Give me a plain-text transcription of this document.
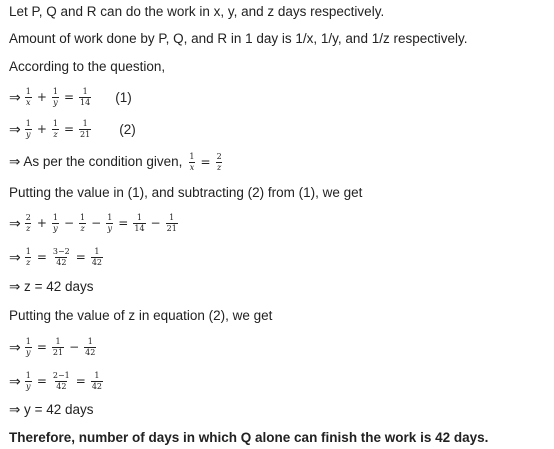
Let P, Q and R can do the work in x, y, and z days respectively.
Amount of work done by P, Q, and R in 1 day is 1/x, 1/y, and 1/z respectively.
According to the question,
⇒ $\frac{1}{x} + \frac{1}{y} = \frac{1}{14} (1)$
⇒ $\frac{1}{y} + \frac{1}{z} = \frac{1}{21} (2)$
⇒ As per the condition given, $\frac{1}{x} = \frac{2}{z}$
Putting the value in (1), and subtracting (2) from (1), we get
⇒ $\frac{2}{z} + \frac{1}{y} - \frac{1}{z} - \frac{1}{y} = \frac{1}{14} - \frac{1}{21}$
⇒ $\frac{1}{z} = \frac{3-2}{42} = \frac{1}{42}$
⇒ z = 42 days
Putting the value of z in equation (2), we get
⇒ $\frac{1}{y} = \frac{1}{21} - \frac{1}{42}$
⇒ $\frac{1}{y} = \frac{2-1}{42} = \frac{1}{42}$
⇒ y = 42 days
Therefore, number of days in which Q alone can finish the work is 42 days.
